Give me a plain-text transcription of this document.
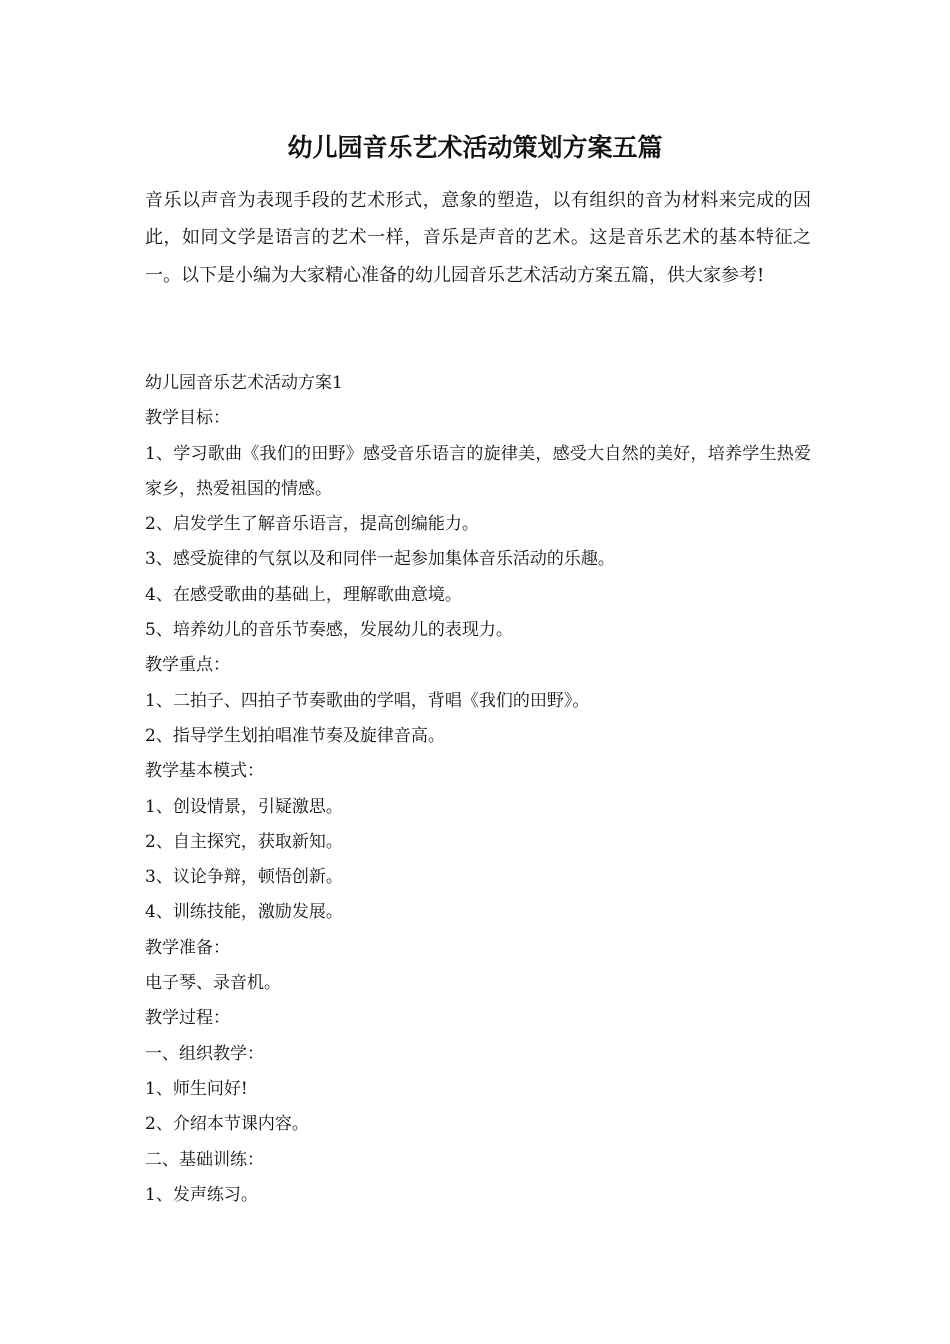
幼儿园音乐艺术活动策划方案五篇

音乐以声音为表现手段的艺术形式，意象的塑造，以有组织的音为材料来完成的因此，如同文学是语言的艺术一样，音乐是声音的艺术。这是音乐艺术的基本特征之一。以下是小编为大家精心准备的幼儿园音乐艺术活动方案五篇，供大家参考!

幼儿园音乐艺术活动方案1
教学目标：
1、学习歌曲《我们的田野》感受音乐语言的旋律美，感受大自然的美好，培养学生热爱家乡，热爱祖国的情感。
2、启发学生了解音乐语言，提高创编能力。
3、感受旋律的气氛以及和同伴一起参加集体音乐活动的乐趣。
4、在感受歌曲的基础上，理解歌曲意境。
5、培养幼儿的音乐节奏感，发展幼儿的表现力。
教学重点：
1、二拍子、四拍子节奏歌曲的学唱，背唱《我们的田野》。
2、指导学生划拍唱准节奏及旋律音高。
教学基本模式：
1、创设情景，引疑激思。
2、自主探究，获取新知。
3、议论争辩，顿悟创新。
4、训练技能，激励发展。
教学准备：
电子琴、录音机。
教学过程：
一、组织教学：
1、师生问好!
2、介绍本节课内容。
二、基础训练：
1、发声练习。
